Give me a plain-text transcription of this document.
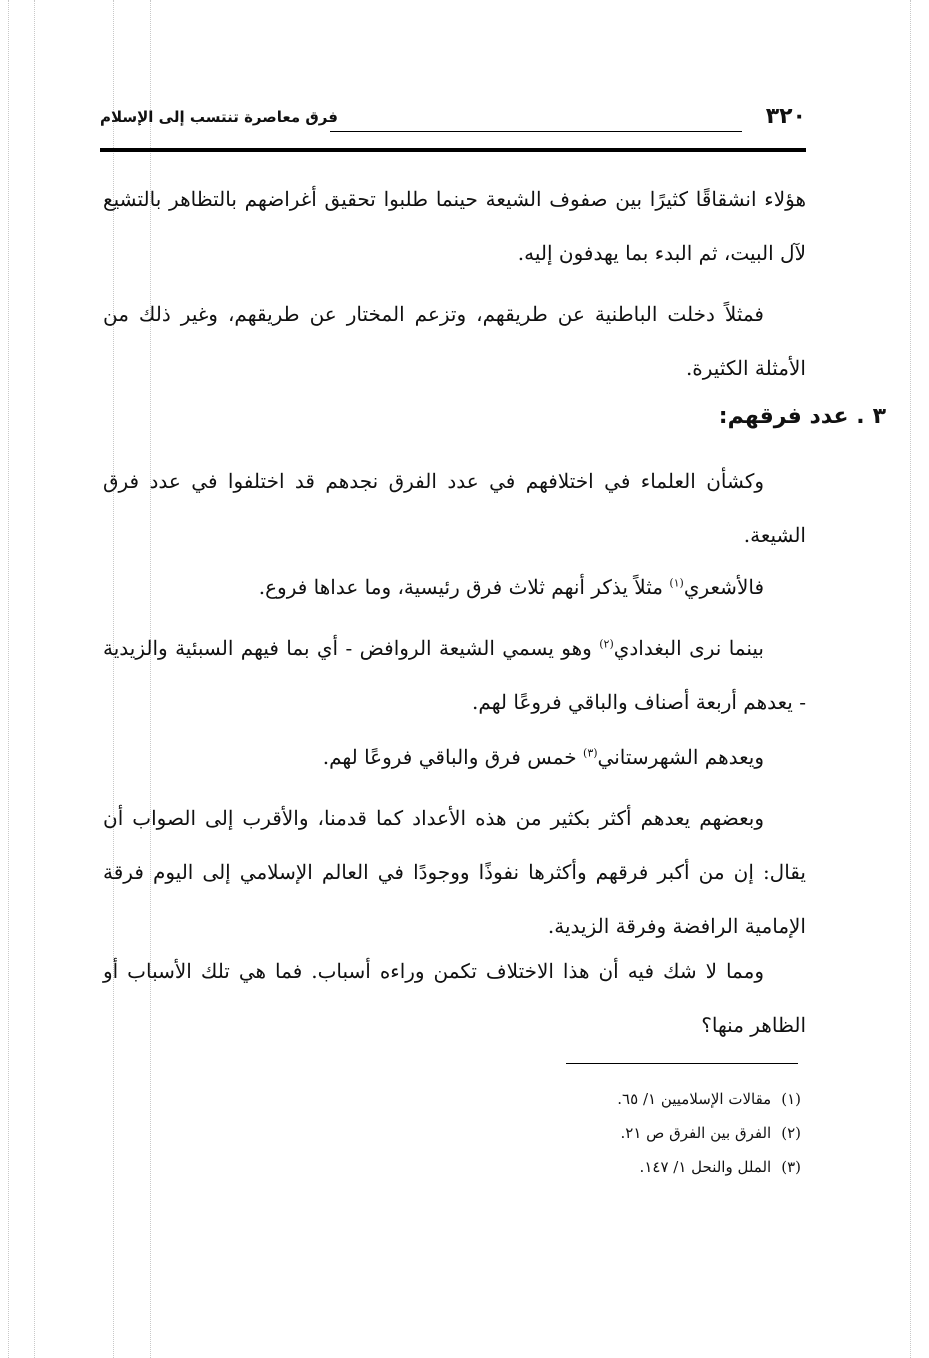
٣٢٠
فرق معاصرة تنتسب إلى الإسلام

هؤلاء انشقاقًا كثيرًا بين صفوف الشيعة حينما طلبوا تحقيق أغراضهم بالتظاهر بالتشيع لآل البيت، ثم البدء بما يهدفون إليه.

فمثلاً دخلت الباطنية عن طريقهم، وتزعم المختار عن طريقهم، وغير ذلك من الأمثلة الكثيرة.

٣. عدد فرقهم:

وكشأن العلماء في اختلافهم في عدد الفرق نجدهم قد اختلفوا في عدد فرق الشيعة.

فالأشعري$^{(١)}$ مثلاً يذكر أنهم ثلاث فرق رئيسية، وما عداها فروع.

بينما نرى البغدادي$^{(٢)}$ وهو يسمي الشيعة الروافض - أي بما فيهم السبئية والزيدية - يعدهم أربعة أصناف والباقي فروعًا لهم.

ويعدهم الشهرستاني$^{(٣)}$ خمس فرق والباقي فروعًا لهم.

وبعضهم يعدهم أكثر بكثير من هذه الأعداد كما قدمنا، والأقرب إلى الصواب أن يقال: إن من أكبر فرقهم وأكثرها نفوذًا ووجودًا في العالم الإسلامي إلى اليوم فرقة الإمامية الرافضة وفرقة الزيدية.

ومما لا شك فيه أن هذا الاختلاف تكمن وراءه أسباب. فما هي تلك الأسباب أو الظاهر منها؟

(١)مقالات الإسلاميين ١/ ٦٥.
(٢)الفرق بين الفرق ص ٢١.
(٣)الملل والنحل ١/ ١٤٧.
